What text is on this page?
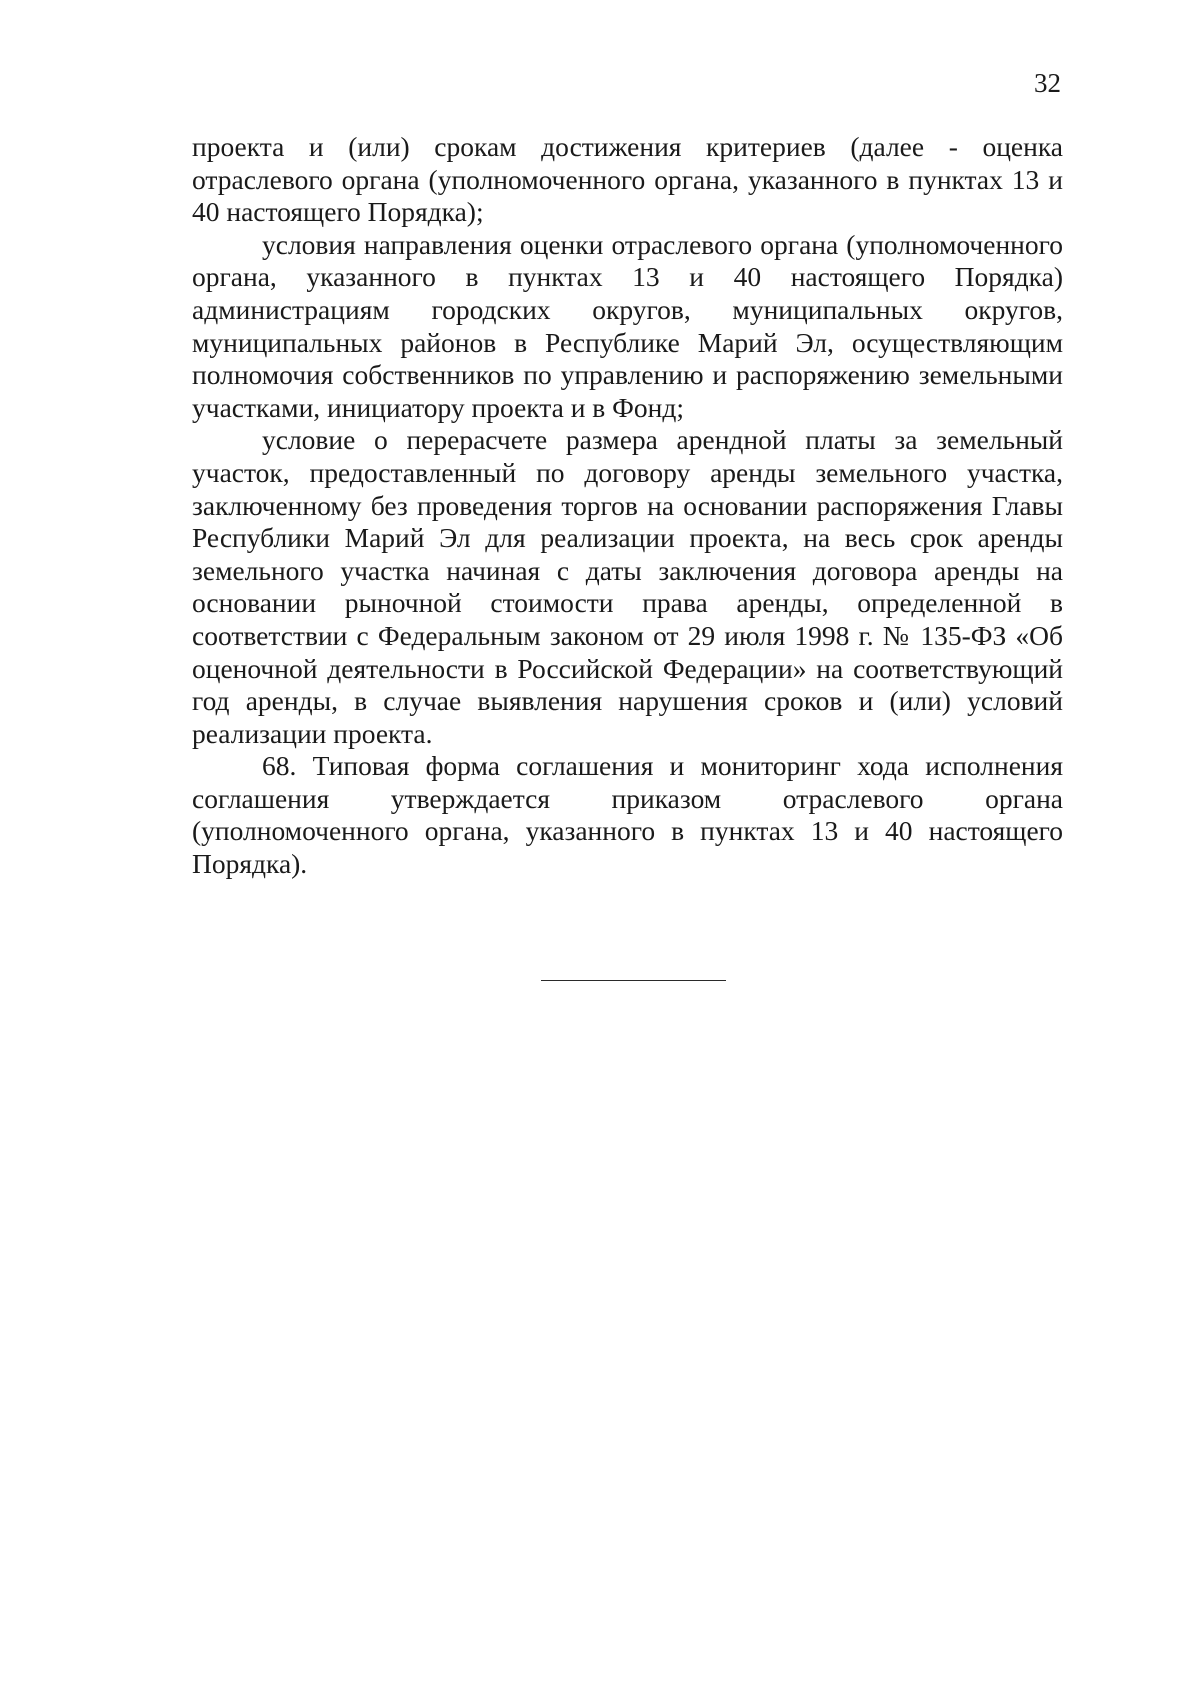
32

проекта и (или) срокам достижения критериев (далее - оценка отраслевого органа (уполномоченного органа, указанного в пунктах 13 и 40 настоящего Порядка);

условия направления оценки отраслевого органа (уполномоченного органа, указанного в пунктах 13 и 40 настоящего Порядка) администрациям городских округов, муниципальных округов, муниципальных районов в Республике Марий Эл, осуществляющим полномочия собственников по управлению и распоряжению земельными участками, инициатору проекта и в Фонд;

условие о перерасчете размера арендной платы за земельный участок, предоставленный по договору аренды земельного участка, заключенному без проведения торгов на основании распоряжения Главы Республики Марий Эл для реализации проекта, на весь срок аренды земельного участка начиная с даты заключения договора аренды на основании рыночной стоимости права аренды, определенной в соответствии с Федеральным законом от 29 июля 1998 г. № 135-ФЗ «Об оценочной деятельности в Российской Федерации» на соответствующий год аренды, в случае выявления нарушения сроков и (или) условий реализации проекта.

68. Типовая форма соглашения и мониторинг хода исполнения соглашения утверждается приказом отраслевого органа (уполномоченного органа, указанного в пунктах 13 и 40 настоящего Порядка).
